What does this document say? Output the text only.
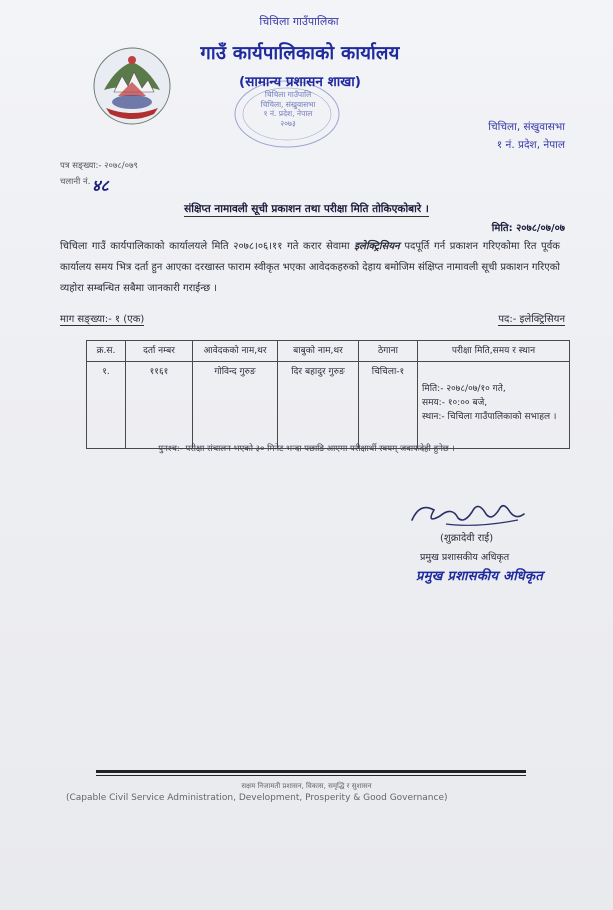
चिचिला गाउँपालि
चिचिला, संखुवासभा
१ नं. प्रदेश, नेपाल
२०७३
चिचिला गाउँपालिका
गाउँ कार्यपालिकाको कार्यालय
(सामान्य प्रशासन शाखा)
चिचिला, संखुवासभा
१ नं. प्रदेश, नेपाल
पत्र सङ्ख्या:- २०७८/०७९
चलानी नं. ४८
संक्षिप्त नामावली सूची प्रकाशन तथा परीक्षा मिति तोकिएकोबारे ।
मिति: २०७८/०७/०७
चिचिला गाउँ कार्यपालिकाको कार्यालयले मिति २०७८।०६।११ गते करार सेवामा इलेक्ट्रिसियन पदपूर्ति गर्न प्रकाशन गरिएकोमा रित पूर्वक कार्यालय समय भित्र दर्ता हुन आएका दरखास्त फाराम स्वीकृत भएका आवेदकहरुको देहाय बमोजिम संक्षिप्त नामावली सूची प्रकाशन गरिएको व्यहोरा सम्बन्धित सबैमा जानकारी गराईन्छ ।
माग सङ्ख्या:- १ (एक)	पद:- इलेक्ट्रिसियन
क्र.स.	दर्ता नम्बर	आवेदकको नाम,थर	बाबुको नाम,थर	ठेगाना	परीक्षा मिति,समय र स्थान
१.	११६१	गोविन्द गुरुङ	दिर बहादुर गुरुङ	चिचिला-१	मिति:- २०७८/०७/१० गते,
समय:- १०:०० बजे,
स्थान:- चिचिला गाउँपालिकाको सभाहल ।
पुनश्च:- परीक्षा संचालन भएको ३० मिनेट भन्दा पछाडि आएमा परीक्षार्थी स्वयम् जवाफदेही हुनेछ ।
(शुक्रादेवी राई)
प्रमुख प्रशासकीय अधिकृत
प्रमुख प्रशासकीय अधिकृत
सक्षम निजामती प्रशासन, विकास, समृद्धि र सुशासन
(Capable Civil Service Administration, Development, Prosperity & Good Governance)
